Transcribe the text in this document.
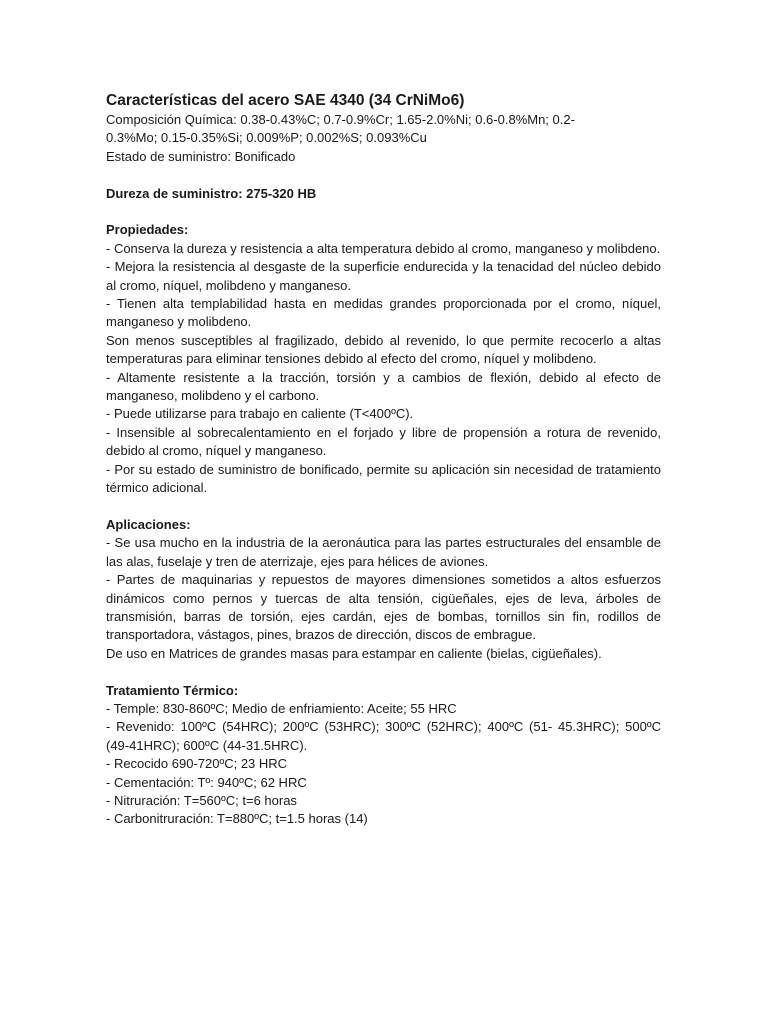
Características del acero SAE 4340 (34 CrNiMo6)

Composición Química: 0.38-0.43%C; 0.7-0.9%Cr; 1.65-2.0%Ni; 0.6-0.8%Mn; 0.2-

0.3%Mo; 0.15-0.35%Si; 0.009%P; 0.002%S; 0.093%Cu

Estado de suministro: Bonificado

Dureza de suministro: 275-320 HB

Propiedades:

- Conserva la dureza y resistencia a alta temperatura debido al cromo, manganeso y molibdeno.

- Mejora la resistencia al desgaste de la superficie endurecida y la tenacidad del núcleo debido al cromo, níquel, molibdeno y manganeso.

- Tienen alta templabilidad hasta en medidas grandes proporcionada por el cromo, níquel, manganeso y molibdeno.

Son menos susceptibles al fragilizado, debido al revenido, lo que permite recocerlo a altas temperaturas para eliminar tensiones debido al efecto del cromo, níquel y molibdeno.

- Altamente resistente a la tracción, torsión y a cambios de flexión, debido al efecto de manganeso, molibdeno y el carbono.

- Puede utilizarse para trabajo en caliente (T<400ºC).

- Insensible al sobrecalentamiento en el forjado y libre de propensión a rotura de revenido, debido al cromo, níquel y manganeso.

- Por su estado de suministro de bonificado, permite su aplicación sin necesidad de tratamiento térmico adicional.

Aplicaciones:

- Se usa mucho en la industria de la aeronáutica para las partes estructurales del ensamble de las alas, fuselaje y tren de aterrizaje, ejes para hélices de aviones.

- Partes de maquinarias y repuestos de mayores dimensiones sometidos a altos esfuerzos dinámicos como pernos y tuercas de alta tensión, cigüeñales, ejes de leva, árboles de transmisión, barras de torsión, ejes cardán, ejes de bombas, tornillos sin fin, rodillos de transportadora, vástagos, pines, brazos de dirección, discos de embrague.

De uso en Matrices de grandes masas para estampar en caliente (bielas, cigüeñales).

Tratamiento Térmico:

- Temple: 830-860ºC; Medio de enfriamiento: Aceite; 55 HRC

- Revenido: 100ºC (54HRC); 200ºC (53HRC); 300ºC (52HRC); 400ºC (51- 45.3HRC); 500ºC (49-41HRC); 600ºC (44-31.5HRC).

- Recocido 690-720ºC; 23 HRC

- Cementación: Tº: 940ºC; 62 HRC

- Nitruración: T=560ºC; t=6 horas

- Carbonitruración: T=880ºC; t=1.5 horas (14)
